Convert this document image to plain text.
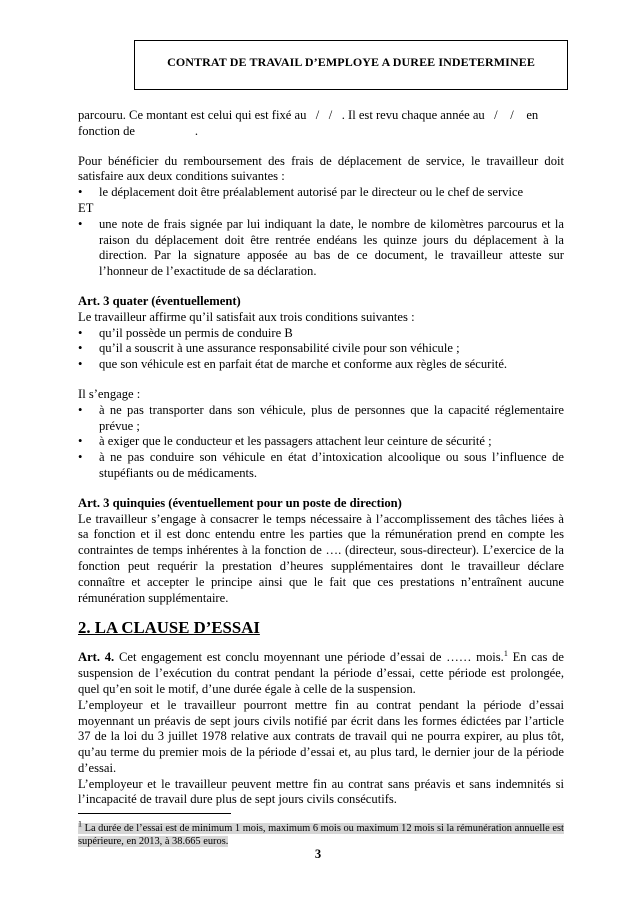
CONTRAT DE TRAVAIL D’EMPLOYE A DUREE INDETERMINEE

parcouru. Ce montant est celui qui est fixé au   /   /   . Il est revu chaque année au   /    /    en

fonction de                   .

Pour bénéficier du remboursement des frais de déplacement de service, le travailleur doit satisfaire aux deux conditions suivantes :

•	le déplacement doit être préalablement autorisé par le directeur ou le chef de service

ET

•	une note de frais signée par lui indiquant la date, le nombre de kilomètres parcourus et la raison du déplacement doit être rentrée endéans les quinze jours du déplacement à la direction. Par la signature apposée au bas de ce document, le travailleur atteste sur l’honneur de l’exactitude de sa déclaration.

Art. 3 quater (éventuellement)

Le travailleur affirme qu’il satisfait aux trois conditions suivantes :

•	qu’il possède un permis de conduire B
•	qu’il a souscrit à une assurance responsabilité civile pour son véhicule ;
•	que son véhicule est en parfait état de marche et conforme aux règles de sécurité.

Il s’engage :

•	à ne pas transporter dans son véhicule, plus de personnes que la capacité réglementaire prévue ;
•	à exiger que le conducteur et les passagers attachent leur ceinture de sécurité ;
•	à ne pas conduire son véhicule en état d’intoxication alcoolique ou sous l’influence de stupéfiants ou de médicaments.

Art. 3 quinquies (éventuellement pour un poste de direction)

Le travailleur s’engage à consacrer le temps nécessaire à l’accomplissement des tâches liées à sa fonction et il est donc entendu entre les parties que la rémunération prend en compte les contraintes de temps inhérentes à la fonction de …. (directeur, sous-directeur). L’exercice de la fonction peut requérir la prestation d’heures supplémentaires dont le travailleur déclare connaître et accepter le principe ainsi que le fait que ces prestations n’entraînent aucune rémunération supplémentaire.

2. LA CLAUSE D’ESSAI

Art. 4. Cet engagement est conclu moyennant une période d’essai de …… mois.$^1$ En cas de suspension de l’exécution du contrat pendant la période d’essai, cette période est prolongée, quel qu’en soit le motif, d’une durée égale à celle de la suspension.

L’employeur et le travailleur pourront mettre fin au contrat pendant la période d’essai moyennant un préavis de sept jours civils notifié par écrit dans les formes édictées par l’article 37 de la loi du 3 juillet 1978 relative aux contrats de travail qui ne pourra expirer, au plus tôt, qu’au terme du premier mois de la période d’essai et, au plus tard, le dernier jour de la période d’essai.

L’employeur et le travailleur peuvent mettre fin au contrat sans préavis et sans indemnités si l’incapacité de travail dure plus de sept jours civils consécutifs.

$^1$ La durée de l’essai est de minimum 1 mois, maximum 6 mois ou maximum 12 mois si la rémunération annuelle est supérieure, en 2013, à 38.665 euros.
3
